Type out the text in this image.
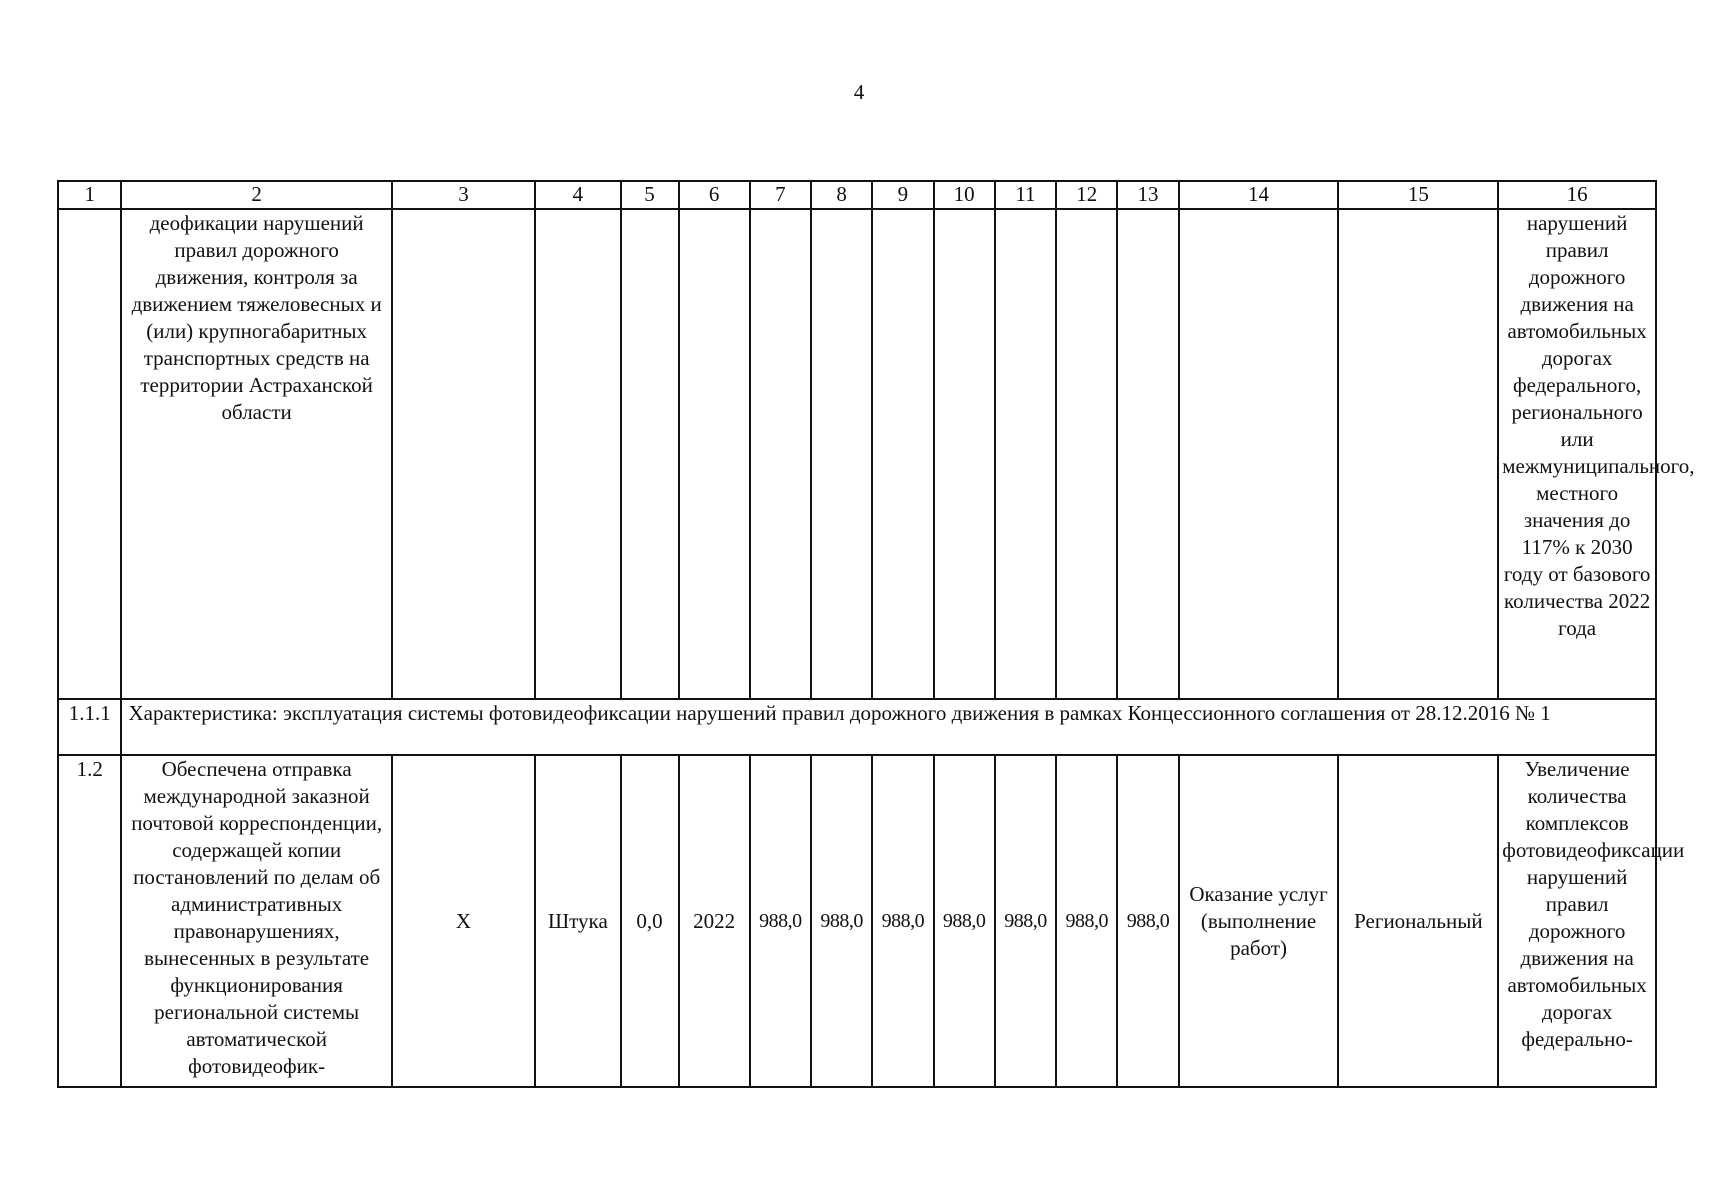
4
1	2	3	4	5	6	7	8	9	10	11	12	13	14	15	16
	деофикации нарушений правил дорожного движения, контроля за движением тяжеловесных и (или) крупногабаритных транспортных средств на территории Астраханской области														нарушений правил дорожного движения на автомобильных дорогах федерального, регионального или межмуниципального, местного значения до 117% к 2030 году от базового количества 2022 года
1.1.1	Характеристика: эксплуатация системы фотовидеофиксации нарушений правил дорожного движения в рамках Концессионного соглашения от 28.12.2016 № 1														
1.2	Обеспечена отправка международной заказной почтовой корреспонденции, содержащей копии постановлений по делам об административных правонарушениях, вынесенных в результате функционирования региональной системы автоматической фотовидеофик-	Х	Штука	0,0	2022	988,0	988,0	988,0	988,0	988,0	988,0	988,0	Оказание услуг (выполнение работ)	Региональный	Увеличение количества комплексов фотовидеофиксации нарушений правил дорожного движения на автомобильных дорогах федерально-
